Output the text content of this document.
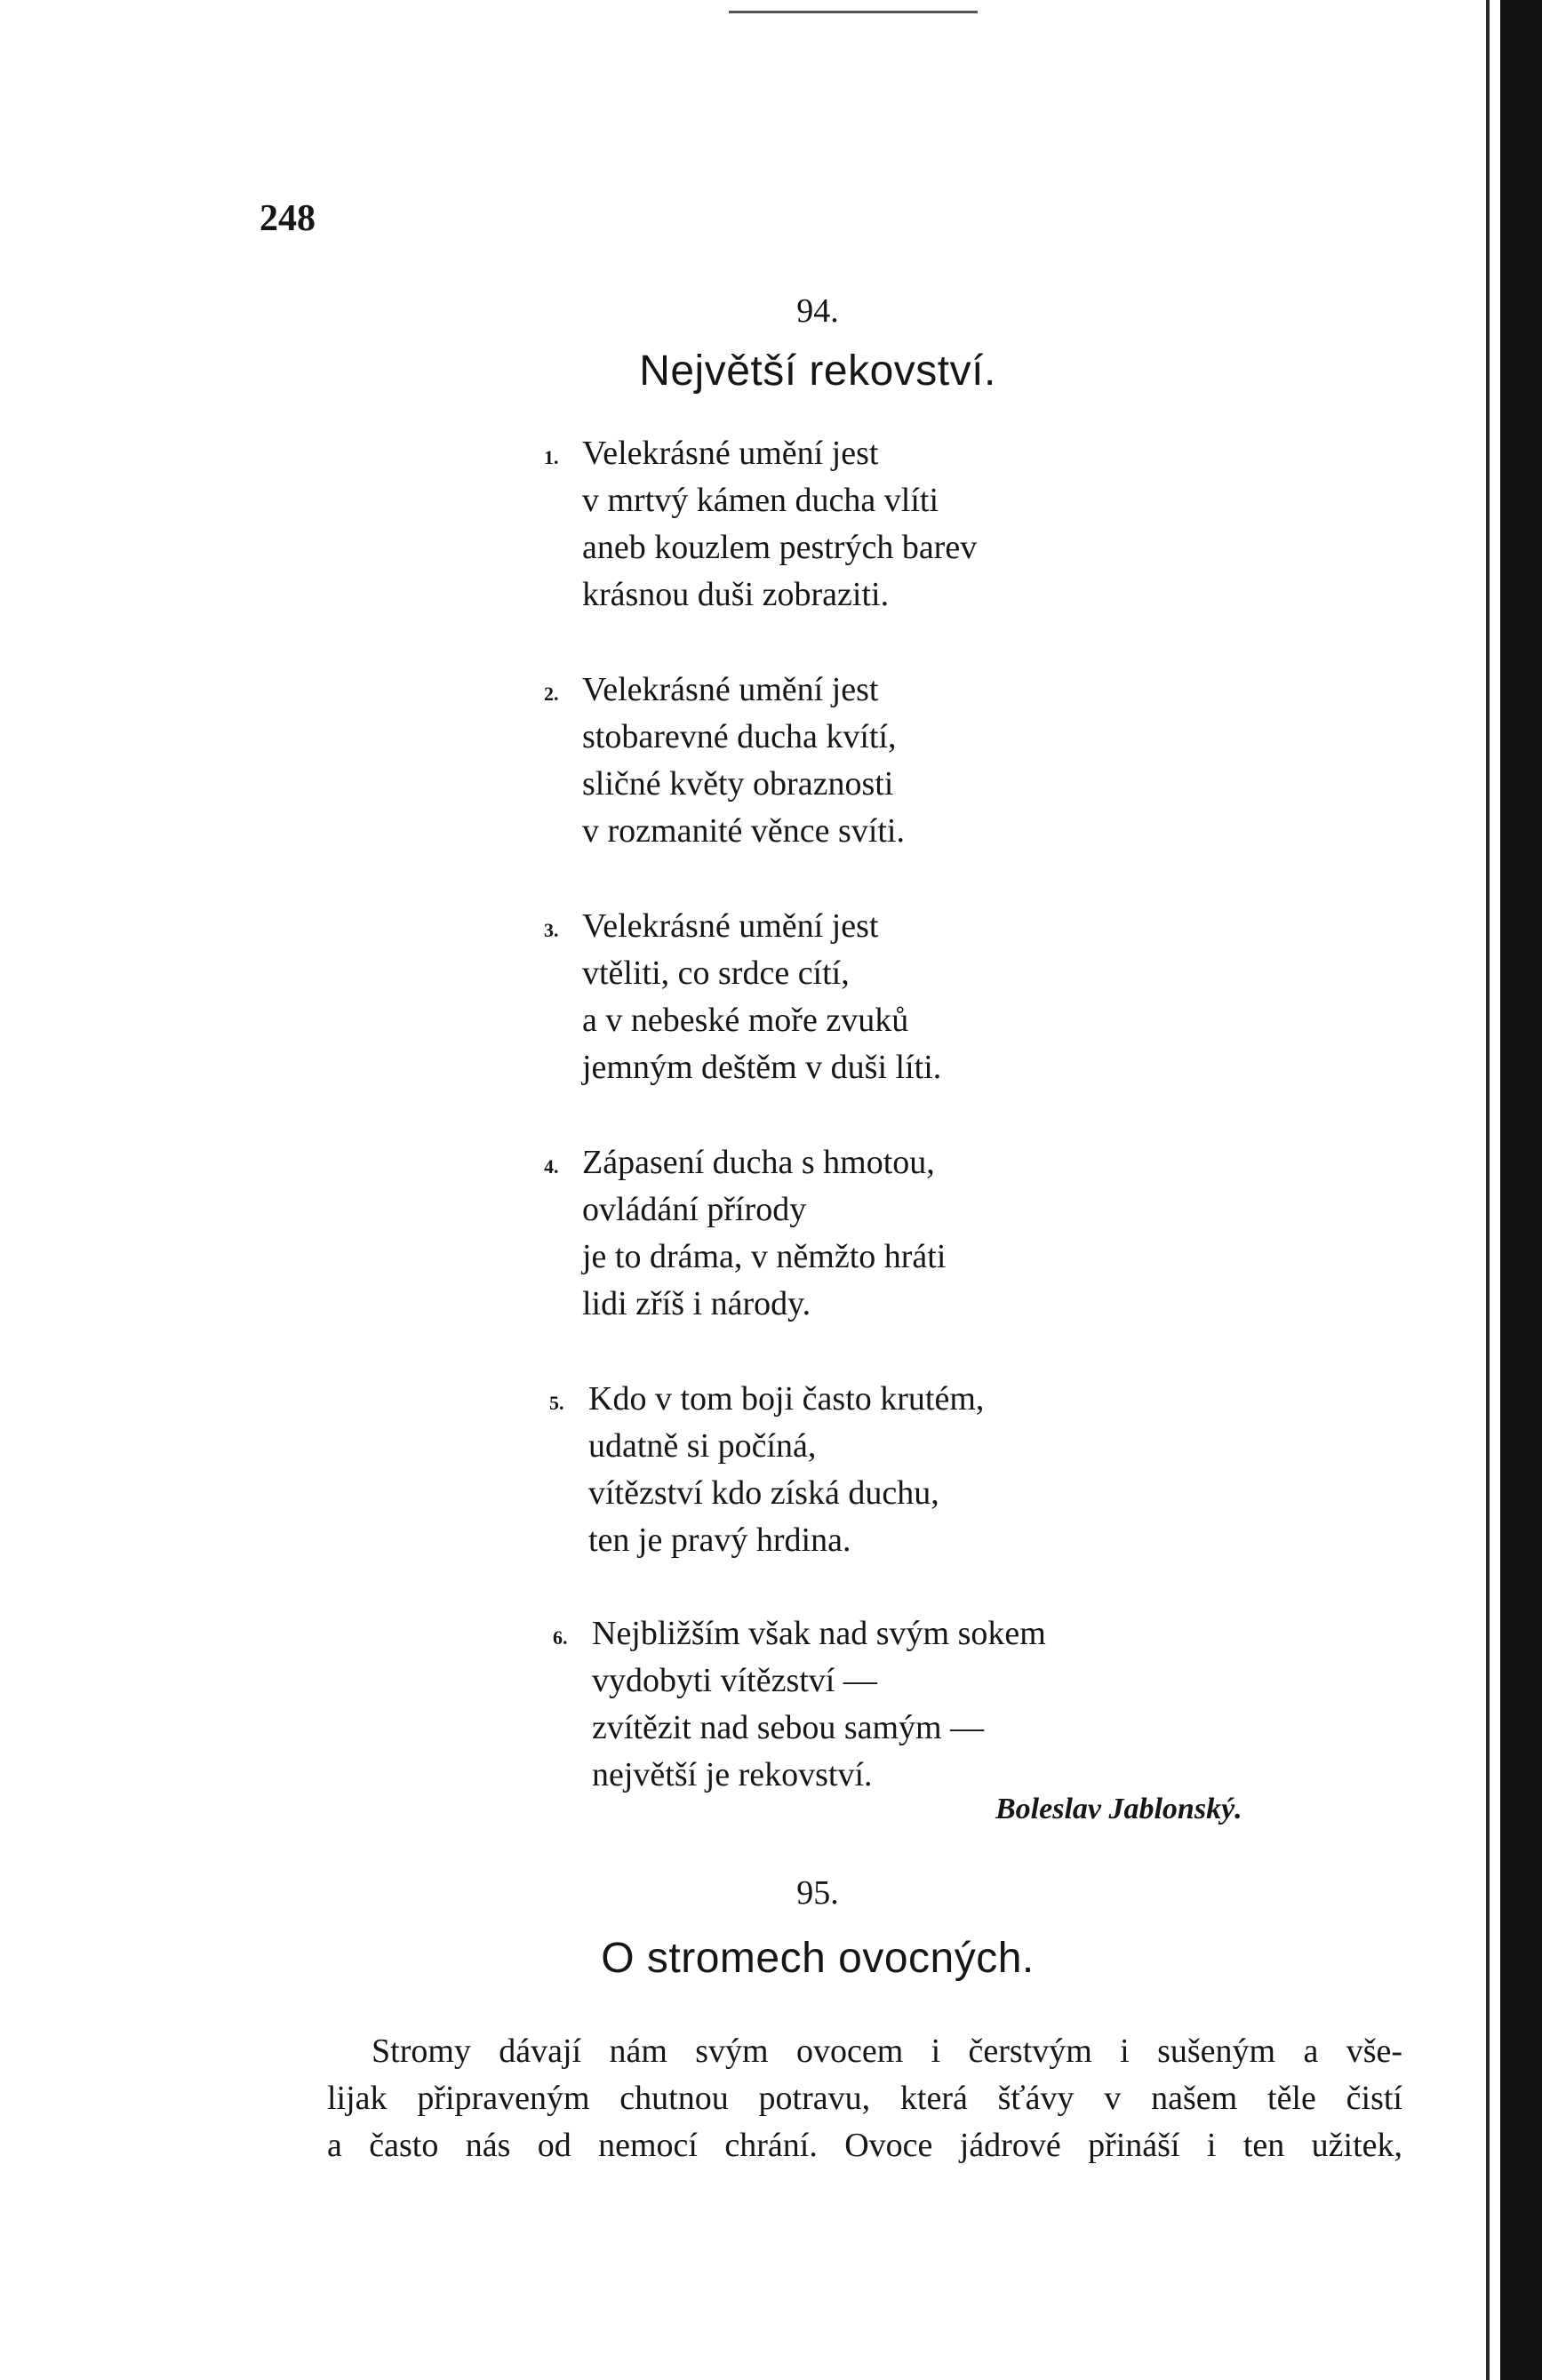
248
94.
Největší rekovství.
1. Velekrásné umění jest
v mrtvý kámen ducha vlíti
aneb kouzlem pestrých barev
krásnou duši zobraziti.
2. Velekrásné umění jest
stobarevné ducha kvítí,
sličné květy obraznosti
v rozmanité věnce svíti.
3. Velekrásné umění jest
vtěliti, co srdce cítí,
a v nebeské moře zvuků
jemným deštěm v duši líti.
4. Zápasení ducha s hmotou,
ovládání přírody
je to dráma, v němžto hráti
lidi zříš i národy.
5. Kdo v tom boji často krutém,
udatně si počíná,
vítězství kdo získá duchu,
ten je pravý hrdina.
6. Nejbližším však nad svým sokem
vydobyti vítězství —
zvítězit nad sebou samým —
největší je rekovství.
Boleslav Jablonský.
95.
O stromech ovocných.
Stromy dávají nám svým ovocem i čerstvým i sušeným a vše-
lijak připraveným chutnou potravu, která šťávy v našem těle čistí
a často nás od nemocí chrání. Ovoce jádrové přináší i ten užitek,
